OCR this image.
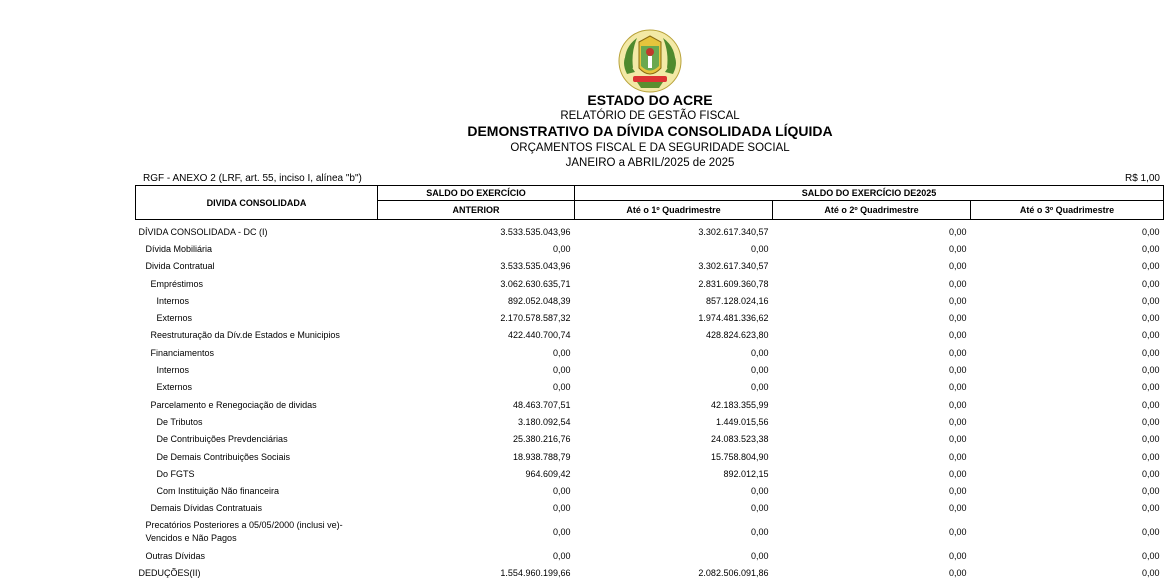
ESTADO DO ACRE
RELATÓRIO DE GESTÃO FISCAL
DEMONSTRATIVO DA DÍVIDA CONSOLIDADA LÍQUIDA
ORÇAMENTOS FISCAL E DA SEGURIDADE SOCIAL
JANEIRO a ABRIL/2025 de 2025
RGF - ANEXO 2 (LRF, art. 55, inciso I, alínea "b")	R$ 1,00
DIVIDA CONSOLIDADA	SALDO DO EXERCÍCIO	SALDO DO EXERCÍCIO DE2025		
	ANTERIOR	Até o 1º Quadrimestre	Até o 2º Quadrimestre	Até o 3º Quadrimestre
DÍVIDA CONSOLIDADA - DC (I)	3.533.535.043,96	3.302.617.340,57	0,00	0,00
Dívida Mobiliária	0,00	0,00	0,00	0,00
Divida Contratual	3.533.535.043,96	3.302.617.340,57	0,00	0,00
Empréstimos	3.062.630.635,71	2.831.609.360,78	0,00	0,00
Internos	892.052.048,39	857.128.024,16	0,00	0,00
Externos	2.170.578.587,32	1.974.481.336,62	0,00	0,00
Reestruturação da Dív.de Estados e Municipios	422.440.700,74	428.824.623,80	0,00	0,00
Financiamentos	0,00	0,00	0,00	0,00
Internos	0,00	0,00	0,00	0,00
Externos	0,00	0,00	0,00	0,00
Parcelamento e Renegociação de dividas	48.463.707,51	42.183.355,99	0,00	0,00
De Tributos	3.180.092,54	1.449.015,56	0,00	0,00
De Contribuições Prevdenciárias	25.380.216,76	24.083.523,38	0,00	0,00
De Demais Contribuições Sociais	18.938.788,79	15.758.804,90	0,00	0,00
Do FGTS	964.609,42	892.012,15	0,00	0,00
Com Instituição Não financeira	0,00	0,00	0,00	0,00
Demais Dívidas Contratuais	0,00	0,00	0,00	0,00
Precatórios Posteriores a 05/05/2000 (inclusi ve)-Vencidos e Não Pagos	0,00	0,00	0,00	0,00
Outras Dívidas	0,00	0,00	0,00	0,00
DEDUÇÕES(II)	1.554.960.199,66	2.082.506.091,86	0,00	0,00
